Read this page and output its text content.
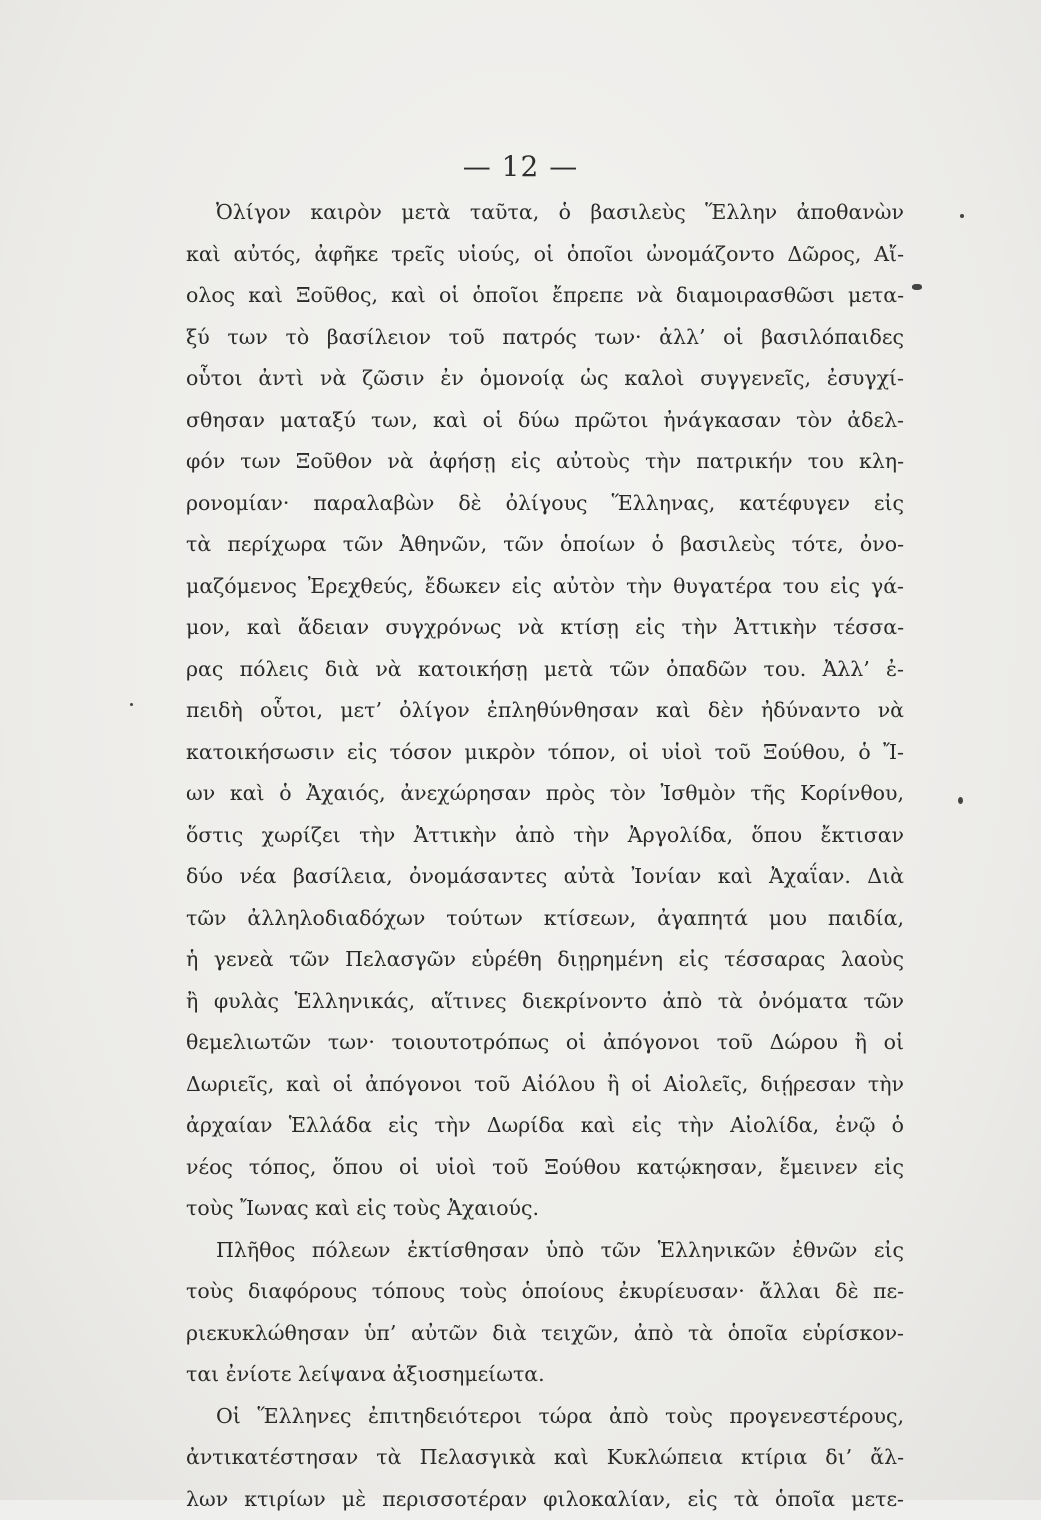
— 12 —
Ὀλίγον καιρὸν μετὰ ταῦτα, ὁ βασιλεὺς Ἕλλην ἀποθανὼν
καὶ αὐτός, ἀφῆκε τρεῖς υἱούς, οἱ ὁποῖοι ὠνομάζοντο Δῶρος, Αἴ-
ολος καὶ Ξοῦθος, καὶ οἱ ὁποῖοι ἔπρεπε νὰ διαμοιρασθῶσι μετα-
ξύ των τὸ βασίλειον τοῦ πατρός των· ἀλλ’ οἱ βασιλόπαιδες
οὗτοι ἀντὶ νὰ ζῶσιν ἐν ὁμονοίᾳ ὡς καλοὶ συγγενεῖς, ἐσυγχί-
σθησαν ματαξύ των, καὶ οἱ δύω πρῶτοι ἠνάγκασαν τὸν ἀδελ-
φόν των Ξοῦθον νὰ ἀφήσῃ εἰς αὐτοὺς τὴν πατρικήν του κλη-
ρονομίαν· παραλαβὼν δὲ ὀλίγους Ἕλληνας, κατέφυγεν εἰς
τὰ περίχωρα τῶν Ἀθηνῶν, τῶν ὁποίων ὁ βασιλεὺς τότε, ὀνο-
μαζόμενος Ἐρεχθεύς, ἔδωκεν εἰς αὐτὸν τὴν θυγατέρα του εἰς γά-
μον, καὶ ἄδειαν συγχρόνως νὰ κτίσῃ εἰς τὴν Ἀττικὴν τέσσα-
ρας πόλεις διὰ νὰ κατοικήσῃ μετὰ τῶν ὀπαδῶν του. Ἀλλ’ ἐ-
πειδὴ οὗτοι, μετ’ ὀλίγον ἐπληθύνθησαν καὶ δὲν ἠδύναντο νὰ
κατοικήσωσιν εἰς τόσον μικρὸν τόπον, οἱ υἱοὶ τοῦ Ξούθου, ὁ Ἴ-
ων καὶ ὁ Ἀχαιός, ἀνεχώρησαν πρὸς τὸν Ἰσθμὸν τῆς Κορίνθου,
ὅστις χωρίζει τὴν Ἀττικὴν ἀπὸ τὴν Ἀργολίδα, ὅπου ἔκτισαν
δύο νέα βασίλεια, ὀνομάσαντες αὐτὰ Ἰονίαν καὶ Ἀχαΐαν. Διὰ
τῶν ἀλληλοδιαδόχων τούτων κτίσεων, ἀγαπητά μου παιδία,
ἡ γενεὰ τῶν Πελασγῶν εὑρέθη διῃρημένη εἰς τέσσαρας λαοὺς
ἢ φυλὰς Ἑλληνικάς, αἵτινες διεκρίνοντο ἀπὸ τὰ ὀνόματα τῶν
θεμελιωτῶν των· τοιουτοτρόπως οἱ ἀπόγονοι τοῦ Δώρου ἢ οἱ
Δωριεῖς, καὶ οἱ ἀπόγονοι τοῦ Αἰόλου ἢ οἱ Αἰολεῖς, διῄρεσαν τὴν
ἀρχαίαν Ἑλλάδα εἰς τὴν Δωρίδα καὶ εἰς τὴν Αἰολίδα, ἐνῷ ὁ
νέος τόπος, ὅπου οἱ υἱοὶ τοῦ Ξούθου κατῴκησαν, ἔμεινεν εἰς
τοὺς Ἴωνας καὶ εἰς τοὺς Ἀχαιούς.
Πλῆθος πόλεων ἐκτίσθησαν ὑπὸ τῶν Ἑλληνικῶν ἐθνῶν εἰς
τοὺς διαφόρους τόπους τοὺς ὁποίους ἐκυρίευσαν· ἄλλαι δὲ πε-
ριεκυκλώθησαν ὑπ’ αὐτῶν διὰ τειχῶν, ἀπὸ τὰ ὁποῖα εὑρίσκον-
ται ἐνίοτε λείψανα ἀξιοσημείωτα.
Οἱ Ἕλληνες ἐπιτηδειότεροι τώρα ἀπὸ τοὺς προγενεστέρους,
ἀντικατέστησαν τὰ Πελασγικὰ καὶ Κυκλώπεια κτίρια δι’ ἄλ-
λων κτιρίων μὲ περισσοτέραν φιλοκαλίαν, εἰς τὰ ὁποῖα μετε-
